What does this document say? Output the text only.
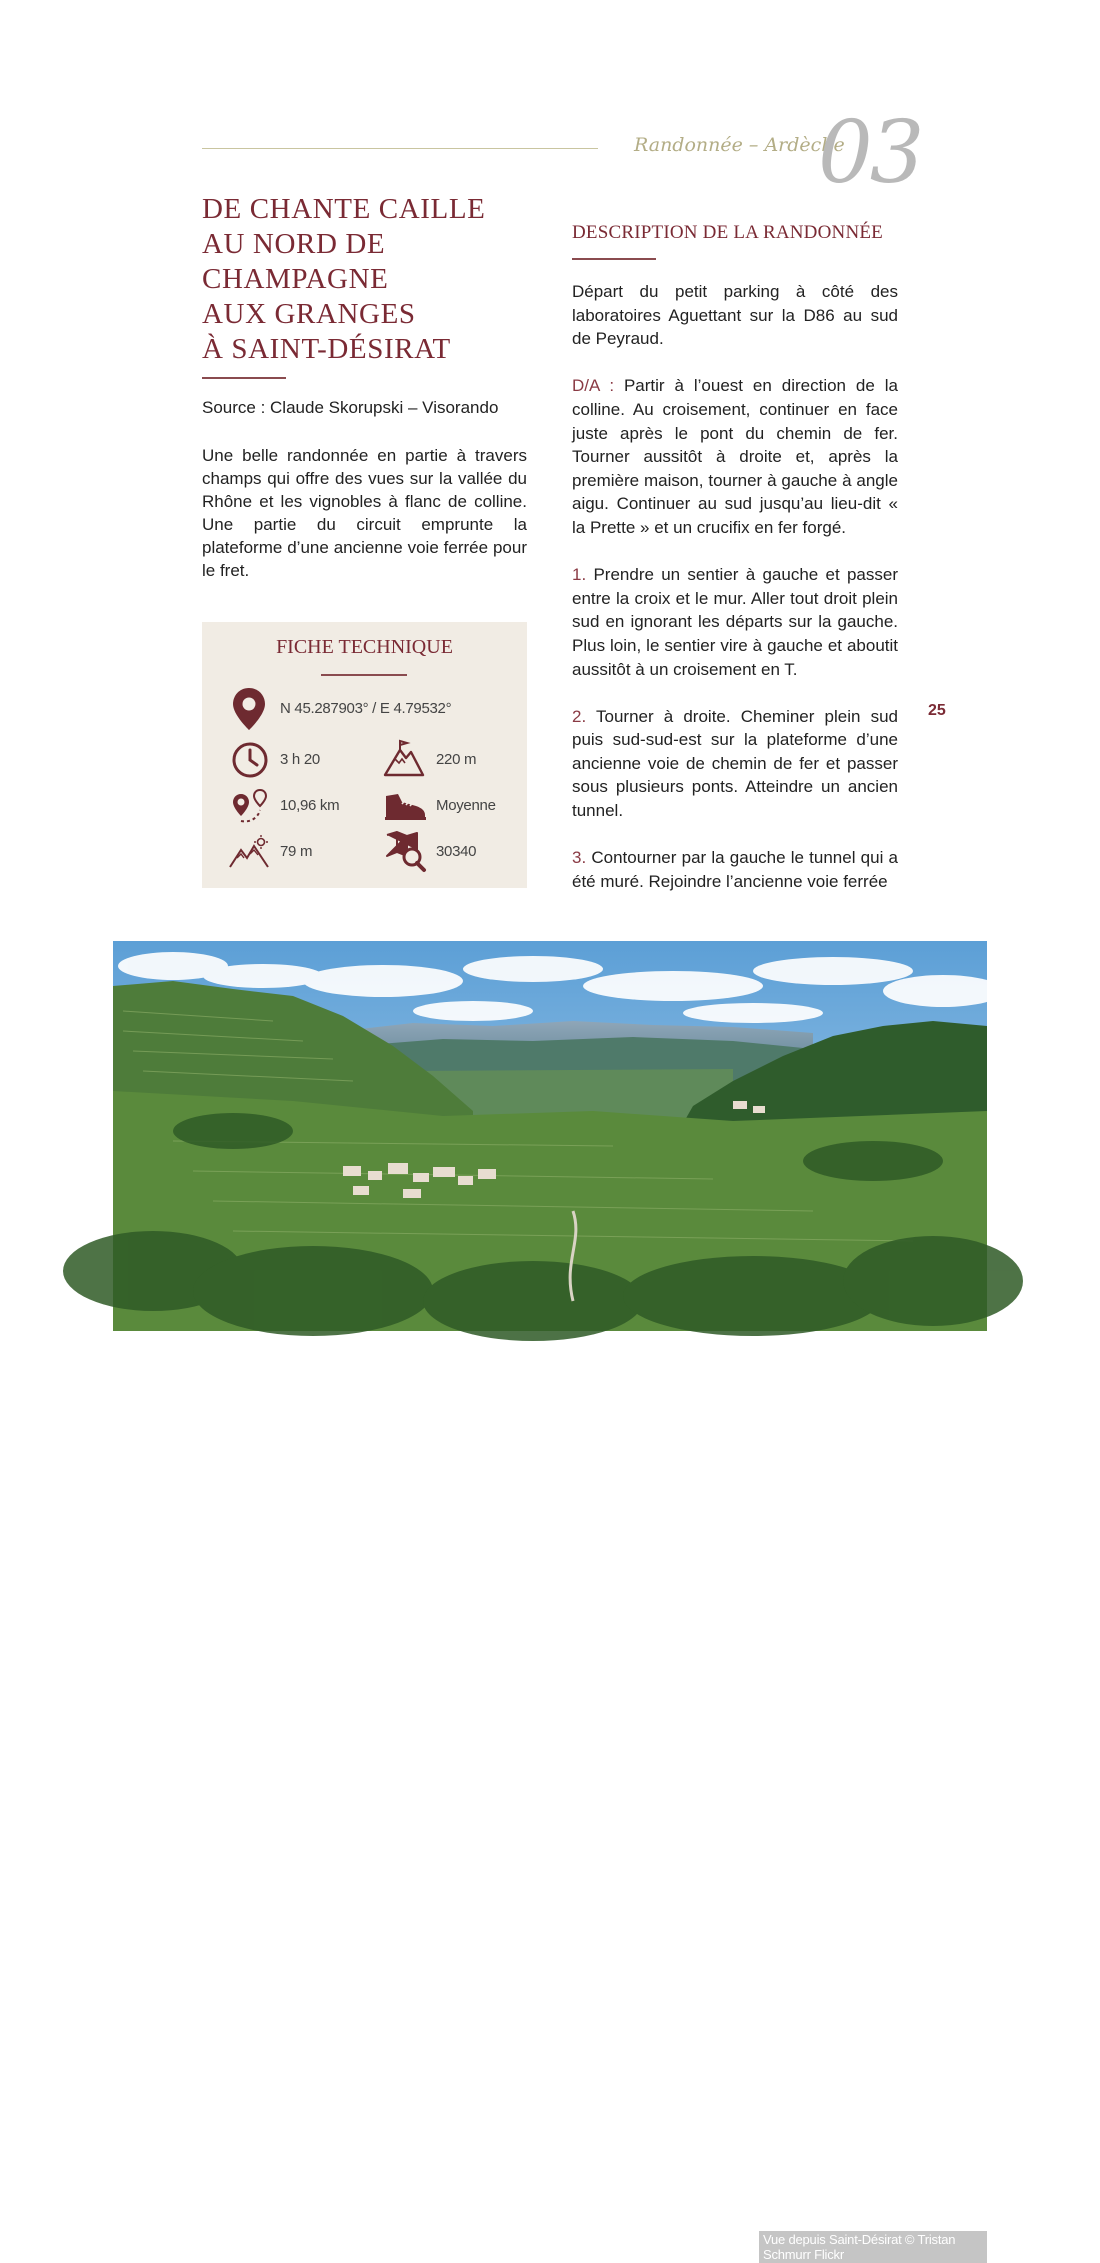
Randonnée – Ardèche
03
DE CHANTE CAILLE
AU NORD DE
CHAMPAGNE
AUX GRANGES
À SAINT-DÉSIRAT
Source : Claude Skorupski – Visorando

Une belle randonnée en partie à travers champs qui offre des vues sur la vallée du Rhône et les vignobles à flanc de colline. Une partie du circuit emprunte la plateforme d’une ancienne voie ferrée pour le fret.

FICHE TECHNIQUE
N 45.287903° / E 4.79532°
3 h 20	220 m
10,96 km	Moyenne
79 m	30340
DESCRIPTION DE LA RANDONNÉE

Départ du petit parking à côté des laboratoires Aguettant sur la D86 au sud de Peyraud.

D/A : Partir à l’ouest en direction de la colline. Au croisement, continuer en face juste après le pont du chemin de fer. Tourner aussitôt à droite et, après la première maison, tourner à gauche à angle aigu. Continuer au sud jusqu’au lieu-dit « la Prette » et un crucifix en fer forgé.

1. Prendre un sentier à gauche et passer entre la croix et le mur. Aller tout droit plein sud en ignorant les départs sur la gauche. Plus loin, le sentier vire à gauche et aboutit aussitôt à un croisement en T.

2. Tourner à droite. Cheminer plein sud puis sud-sud-est sur la plateforme d’une ancienne voie de chemin de fer et passer sous plusieurs ponts. Atteindre un ancien tunnel.

3. Contourner par la gauche le tunnel qui a été muré. Rejoindre l’ancienne voie ferrée

25
Vue depuis Saint-Désirat © Tristan Schmurr Flickr
